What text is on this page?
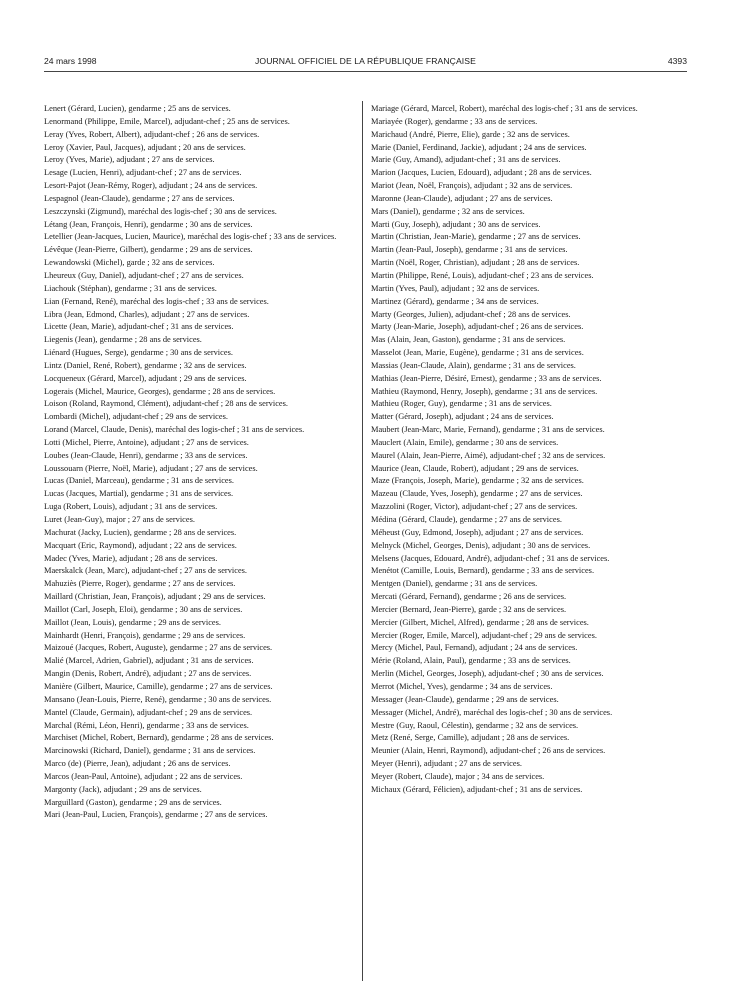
24 mars 1998	JOURNAL OFFICIEL DE LA RÉPUBLIQUE FRANÇAISE	4393

Lenert (Gérard, Lucien), gendarme ; 25 ans de services.

Lenormand (Philippe, Emile, Marcel), adjudant-chef ; 25 ans de services.

Leray (Yves, Robert, Albert), adjudant-chef ; 26 ans de services.

Leroy (Xavier, Paul, Jacques), adjudant ; 20 ans de services.

Leroy (Yves, Marie), adjudant ; 27 ans de services.

Lesage (Lucien, Henri), adjudant-chef ; 27 ans de services.

Lesort-Pajot (Jean-Rémy, Roger), adjudant ; 24 ans de services.

Lespagnol (Jean-Claude), gendarme ; 27 ans de services.

Leszczynski (Zigmund), maréchal des logis-chef ; 30 ans de services.

Létang (Jean, François, Henri), gendarme ; 30 ans de services.

Letellier (Jean-Jacques, Lucien, Maurice), maréchal des logis-chef ; 33 ans de services.

Lévêque (Jean-Pierre, Gilbert), gendarme ; 29 ans de services.

Lewandowski (Michel), garde ; 32 ans de services.

Lheureux (Guy, Daniel), adjudant-chef ; 27 ans de services.

Liachouk (Stéphan), gendarme ; 31 ans de services.

Lian (Fernand, René), maréchal des logis-chef ; 33 ans de services.

Libra (Jean, Edmond, Charles), adjudant ; 27 ans de services.

Licette (Jean, Marie), adjudant-chef ; 31 ans de services.

Liegenis (Jean), gendarme ; 28 ans de services.

Liénard (Hugues, Serge), gendarme ; 30 ans de services.

Lintz (Daniel, René, Robert), gendarme ; 32 ans de services.

Locqueneux (Gérard, Marcel), adjudant ; 29 ans de services.

Logerais (Michel, Maurice, Georges), gendarme ; 28 ans de services.

Loison (Roland, Raymond, Clément), adjudant-chef ; 28 ans de services.

Lombardi (Michel), adjudant-chef ; 29 ans de services.

Lorand (Marcel, Claude, Denis), maréchal des logis-chef ; 31 ans de services.

Lotti (Michel, Pierre, Antoine), adjudant ; 27 ans de services.

Loubes (Jean-Claude, Henri), gendarme ; 33 ans de services.

Loussouarn (Pierre, Noël, Marie), adjudant ; 27 ans de services.

Lucas (Daniel, Marceau), gendarme ; 31 ans de services.

Lucas (Jacques, Martial), gendarme ; 31 ans de services.

Luga (Robert, Louis), adjudant ; 31 ans de services.

Luret (Jean-Guy), major ; 27 ans de services.

Machurat (Jacky, Lucien), gendarme ; 28 ans de services.

Macquart (Eric, Raymond), adjudant ; 22 ans de services.

Madec (Yves, Marie), adjudant ; 28 ans de services.

Maerskalck (Jean, Marc), adjudant-chef ; 27 ans de services.

Mahuziès (Pierre, Roger), gendarme ; 27 ans de services.

Maillard (Christian, Jean, François), adjudant ; 29 ans de services.

Maillot (Carl, Joseph, Eloi), gendarme ; 30 ans de services.

Maillot (Jean, Louis), gendarme ; 29 ans de services.

Mainhardt (Henri, François), gendarme ; 29 ans de services.

Maizoué (Jacques, Robert, Auguste), gendarme ; 27 ans de services.

Malié (Marcel, Adrien, Gabriel), adjudant ; 31 ans de services.

Mangin (Denis, Robert, André), adjudant ; 27 ans de services.

Manière (Gilbert, Maurice, Camille), gendarme ; 27 ans de services.

Mansano (Jean-Louis, Pierre, René), gendarme ; 30 ans de services.

Mantel (Claude, Germain), adjudant-chef ; 29 ans de services.

Marchal (Rémi, Léon, Henri), gendarme ; 33 ans de services.

Marchiset (Michel, Robert, Bernard), gendarme ; 28 ans de services.

Marcinowski (Richard, Daniel), gendarme ; 31 ans de services.

Marco (de) (Pierre, Jean), adjudant ; 26 ans de services.

Marcos (Jean-Paul, Antoine), adjudant ; 22 ans de services.

Margonty (Jack), adjudant ; 29 ans de services.

Marguillard (Gaston), gendarme ; 29 ans de services.

Mari (Jean-Paul, Lucien, François), gendarme ; 27 ans de services.

Mariage (Gérard, Marcel, Robert), maréchal des logis-chef ; 31 ans de services.

Mariayée (Roger), gendarme ; 33 ans de services.

Marichaud (André, Pierre, Elie), garde ; 32 ans de services.

Marie (Daniel, Ferdinand, Jackie), adjudant ; 24 ans de services.

Marie (Guy, Amand), adjudant-chef ; 31 ans de services.

Marion (Jacques, Lucien, Edouard), adjudant ; 28 ans de services.

Mariot (Jean, Noël, François), adjudant ; 32 ans de services.

Maronne (Jean-Claude), adjudant ; 27 ans de services.

Mars (Daniel), gendarme ; 32 ans de services.

Marti (Guy, Joseph), adjudant ; 30 ans de services.

Martin (Christian, Jean-Marie), gendarme ; 27 ans de services.

Martin (Jean-Paul, Joseph), gendarme ; 31 ans de services.

Martin (Noël, Roger, Christian), adjudant ; 28 ans de services.

Martin (Philippe, René, Louis), adjudant-chef ; 23 ans de services.

Martin (Yves, Paul), adjudant ; 32 ans de services.

Martinez (Gérard), gendarme ; 34 ans de services.

Marty (Georges, Julien), adjudant-chef ; 28 ans de services.

Marty (Jean-Marie, Joseph), adjudant-chef ; 26 ans de services.

Mas (Alain, Jean, Gaston), gendarme ; 31 ans de services.

Masselot (Jean, Marie, Eugène), gendarme ; 31 ans de services.

Massias (Jean-Claude, Alain), gendarme ; 31 ans de services.

Mathias (Jean-Pierre, Désiré, Ernest), gendarme ; 33 ans de services.

Mathieu (Raymond, Henry, Joseph), gendarme ; 31 ans de services.

Mathieu (Roger, Guy), gendarme ; 31 ans de services.

Matter (Gérard, Joseph), adjudant ; 24 ans de services.

Maubert (Jean-Marc, Marie, Fernand), gendarme ; 31 ans de services.

Mauclert (Alain, Emile), gendarme ; 30 ans de services.

Maurel (Alain, Jean-Pierre, Aimé), adjudant-chef ; 32 ans de services.

Maurice (Jean, Claude, Robert), adjudant ; 29 ans de services.

Maze (François, Joseph, Marie), gendarme ; 32 ans de services.

Mazeau (Claude, Yves, Joseph), gendarme ; 27 ans de services.

Mazzolini (Roger, Victor), adjudant-chef ; 27 ans de services.

Médina (Gérard, Claude), gendarme ; 27 ans de services.

Méheust (Guy, Edmond, Joseph), adjudant ; 27 ans de services.

Melnyck (Michel, Georges, Denis), adjudant ; 30 ans de services.

Melsens (Jacques, Edouard, André), adjudant-chef ; 31 ans de services.

Menétot (Camille, Louis, Bernard), gendarme ; 33 ans de services.

Mentgen (Daniel), gendarme ; 31 ans de services.

Mercati (Gérard, Fernand), gendarme ; 26 ans de services.

Mercier (Bernard, Jean-Pierre), garde ; 32 ans de services.

Mercier (Gilbert, Michel, Alfred), gendarme ; 28 ans de services.

Mercier (Roger, Emile, Marcel), adjudant-chef ; 29 ans de services.

Mercy (Michel, Paul, Fernand), adjudant ; 24 ans de services.

Mérie (Roland, Alain, Paul), gendarme ; 33 ans de services.

Merlin (Michel, Georges, Joseph), adjudant-chef ; 30 ans de services.

Merrot (Michel, Yves), gendarme ; 34 ans de services.

Messager (Jean-Claude), gendarme ; 29 ans de services.

Messager (Michel, André), maréchal des logis-chef ; 30 ans de services.

Mestre (Guy, Raoul, Célestin), gendarme ; 32 ans de services.

Metz (René, Serge, Camille), adjudant ; 28 ans de services.

Meunier (Alain, Henri, Raymond), adjudant-chef ; 26 ans de services.

Meyer (Henri), adjudant ; 27 ans de services.

Meyer (Robert, Claude), major ; 34 ans de services.

Michaux (Gérard, Félicien), adjudant-chef ; 31 ans de services.
